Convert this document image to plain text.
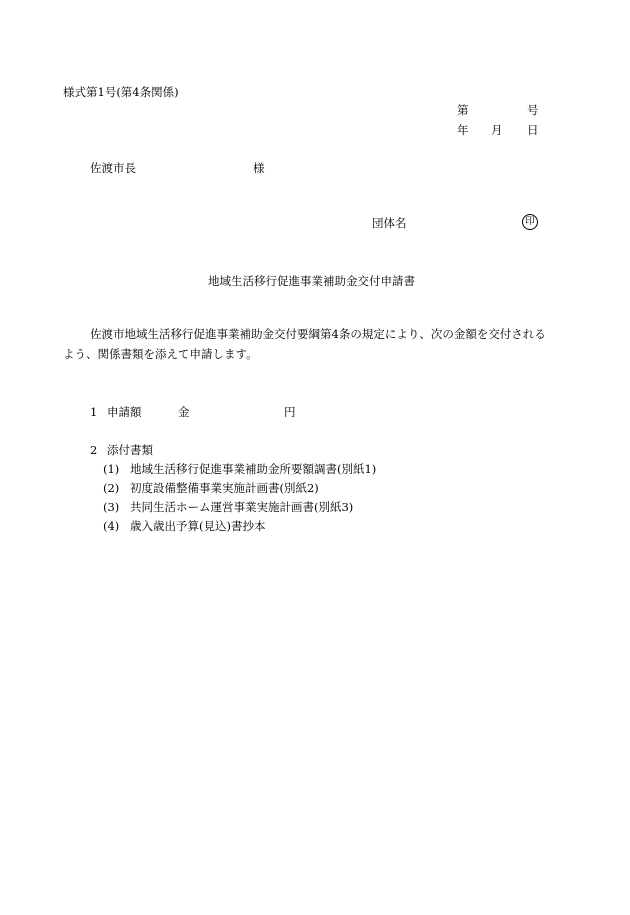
様式第1号(第4条関係)
第	号
年 月 日
佐渡市長	様
団体名	印
地域生活移行促進事業補助金交付申請書
佐渡市地域生活移行促進事業補助金交付要綱第4条の規定により、次の金額を交付される
よう、関係書類を添えて申請します。
1 申請額	金	円
2 添付書類
(1) 地域生活移行促進事業補助金所要額調書(別紙1)
(2) 初度設備整備事業実施計画書(別紙2)
(3) 共同生活ホーム運営事業実施計画書(別紙3)
(4) 歳入歳出予算(見込)書抄本
